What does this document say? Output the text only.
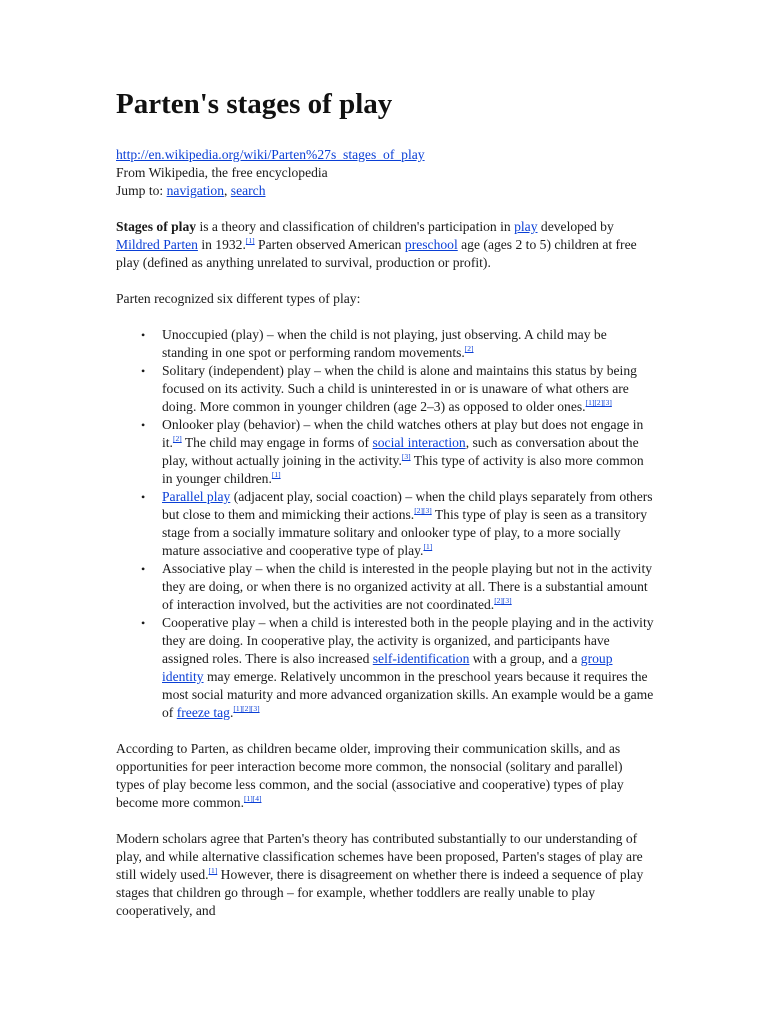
Parten's stages of play
http://en.wikipedia.org/wiki/Parten%27s_stages_of_play
From Wikipedia, the free encyclopedia
Jump to: navigation, search

Stages of play is a theory and classification of children's participation in play developed by Mildred Parten in 1932.[1] Parten observed American preschool age (ages 2 to 5) children at free play (defined as anything unrelated to survival, production or profit).

Parten recognized six different types of play:

• Unoccupied (play) – when the child is not playing, just observing. A child may be standing in one spot or performing random movements.[2]
• Solitary (independent) play – when the child is alone and maintains this status by being focused on its activity. Such a child is uninterested in or is unaware of what others are doing. More common in younger children (age 2–3) as opposed to older ones.[1][2][3]
• Onlooker play (behavior) – when the child watches others at play but does not engage in it.[2] The child may engage in forms of social interaction, such as conversation about the play, without actually joining in the activity.[3] This type of activity is also more common in younger children.[1]
• Parallel play (adjacent play, social coaction) – when the child plays separately from others but close to them and mimicking their actions.[2][3] This type of play is seen as a transitory stage from a socially immature solitary and onlooker type of play, to a more socially mature associative and cooperative type of play.[1]
• Associative play – when the child is interested in the people playing but not in the activity they are doing, or when there is no organized activity at all. There is a substantial amount of interaction involved, but the activities are not coordinated.[2][3]
• Cooperative play – when a child is interested both in the people playing and in the activity they are doing. In cooperative play, the activity is organized, and participants have assigned roles. There is also increased self-identification with a group, and a group identity may emerge. Relatively uncommon in the preschool years because it requires the most social maturity and more advanced organization skills. An example would be a game of freeze tag.[1][2][3]

According to Parten, as children became older, improving their communication skills, and as opportunities for peer interaction become more common, the nonsocial (solitary and parallel) types of play become less common, and the social (associative and cooperative) types of play become more common.[1][4]

Modern scholars agree that Parten's theory has contributed substantially to our understanding of play, and while alternative classification schemes have been proposed, Parten's stages of play are still widely used.[1] However, there is disagreement on whether there is indeed a sequence of play stages that children go through – for example, whether toddlers are really unable to play cooperatively, and
